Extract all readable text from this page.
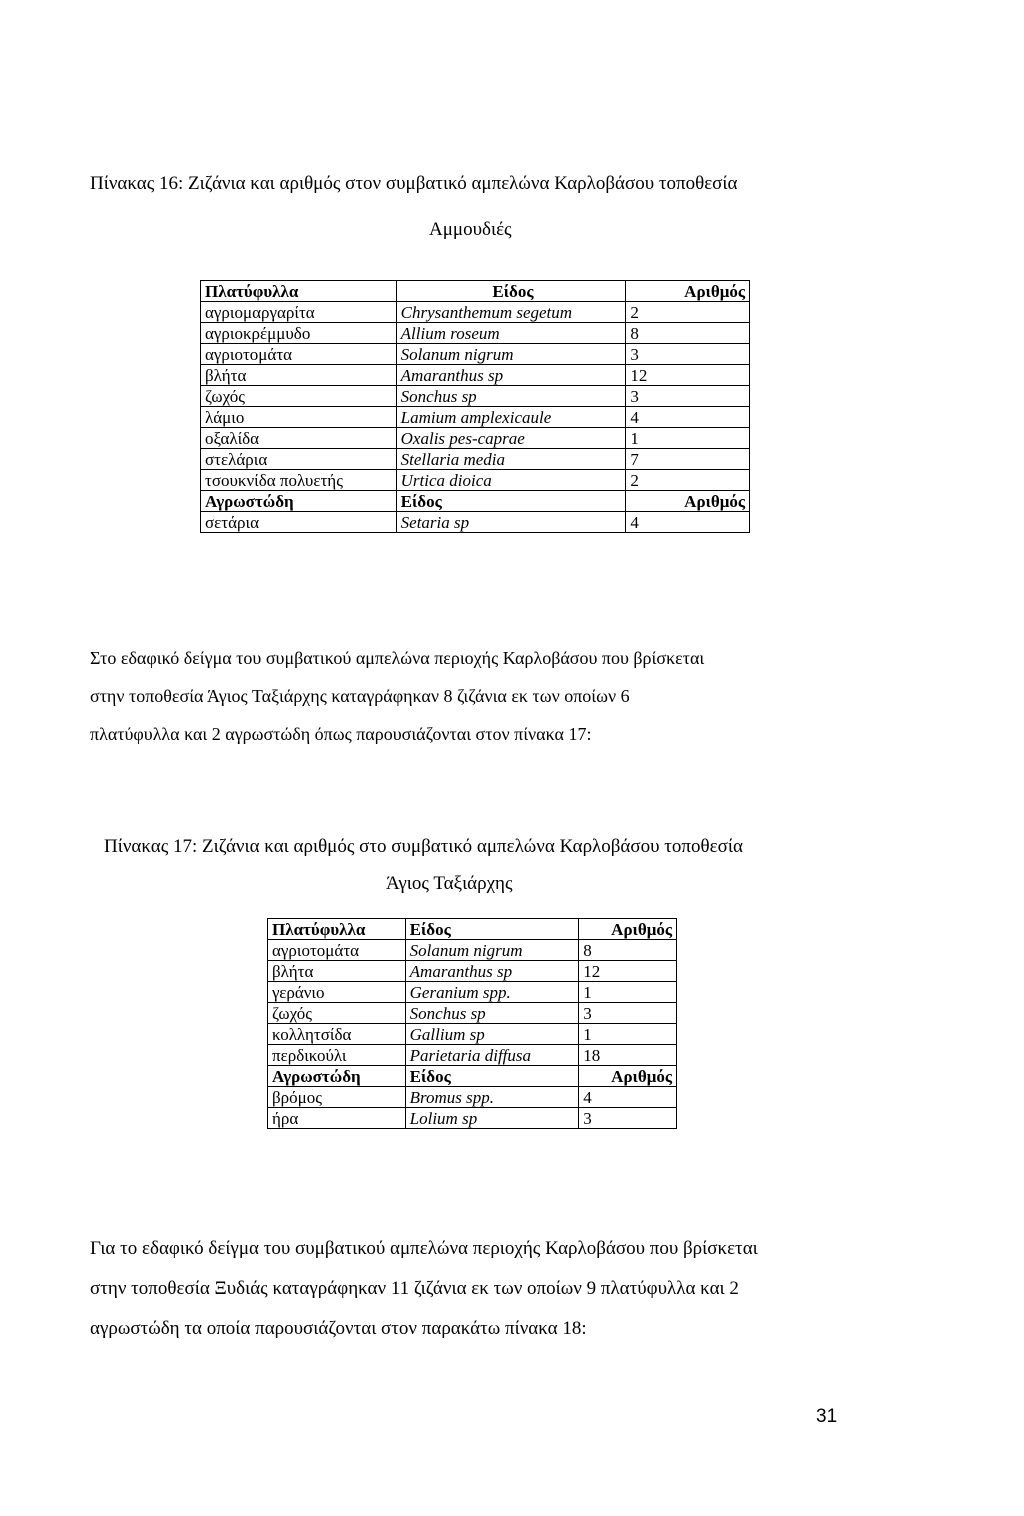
Πίνακας 16: Ζιζάνια και αριθμός στον συμβατικό αμπελώνα Καρλοβάσου τοποθεσία
Αμμουδιές
Πλατύφυλλα	Είδος	Αριθμός
αγριομαργαρίτα	Chrysanthemum segetum	2
αγριοκρέμμυδο	Allium roseum	8
αγριοτομάτα	Solanum nigrum	3
βλήτα	Amaranthus sp	12
ζωχός	Sonchus sp	3
λάμιο	Lamium amplexicaule	4
οξαλίδα	Oxalis pes-caprae	1
στελάρια	Stellaria media	7
τσουκνίδα πολυετής	Urtica dioica	2
Αγρωστώδη	Είδος	Αριθμός
σετάρια	Setaria sp	4
Στο εδαφικό δείγμα του συμβατικού αμπελώνα περιοχής Καρλοβάσου που βρίσκεται
στην τοποθεσία Άγιος Ταξιάρχης καταγράφηκαν 8 ζιζάνια εκ των οποίων 6
πλατύφυλλα και 2 αγρωστώδη όπως παρουσιάζονται στον πίνακα 17:
Πίνακας 17: Ζιζάνια και αριθμός στο συμβατικό αμπελώνα Καρλοβάσου τοποθεσία
Άγιος Ταξιάρχης
Πλατύφυλλα	Είδος	Αριθμός
αγριοτομάτα	Solanum nigrum	8
βλήτα	Amaranthus sp	12
γεράνιο	Geranium spp.	1
ζωχός	Sonchus sp	3
κολλητσίδα	Gallium sp	1
περδικούλι	Parietaria diffusa	18
Αγρωστώδη	Είδος	Αριθμός
βρόμος	Bromus spp.	4
ήρα	Lolium sp	3
Για το εδαφικό δείγμα του συμβατικού αμπελώνα περιοχής Καρλοβάσου που βρίσκεται
στην τοποθεσία Ξυδιάς καταγράφηκαν 11 ζιζάνια εκ των οποίων 9 πλατύφυλλα και 2
αγρωστώδη τα οποία παρουσιάζονται στον παρακάτω πίνακα 18:
31
